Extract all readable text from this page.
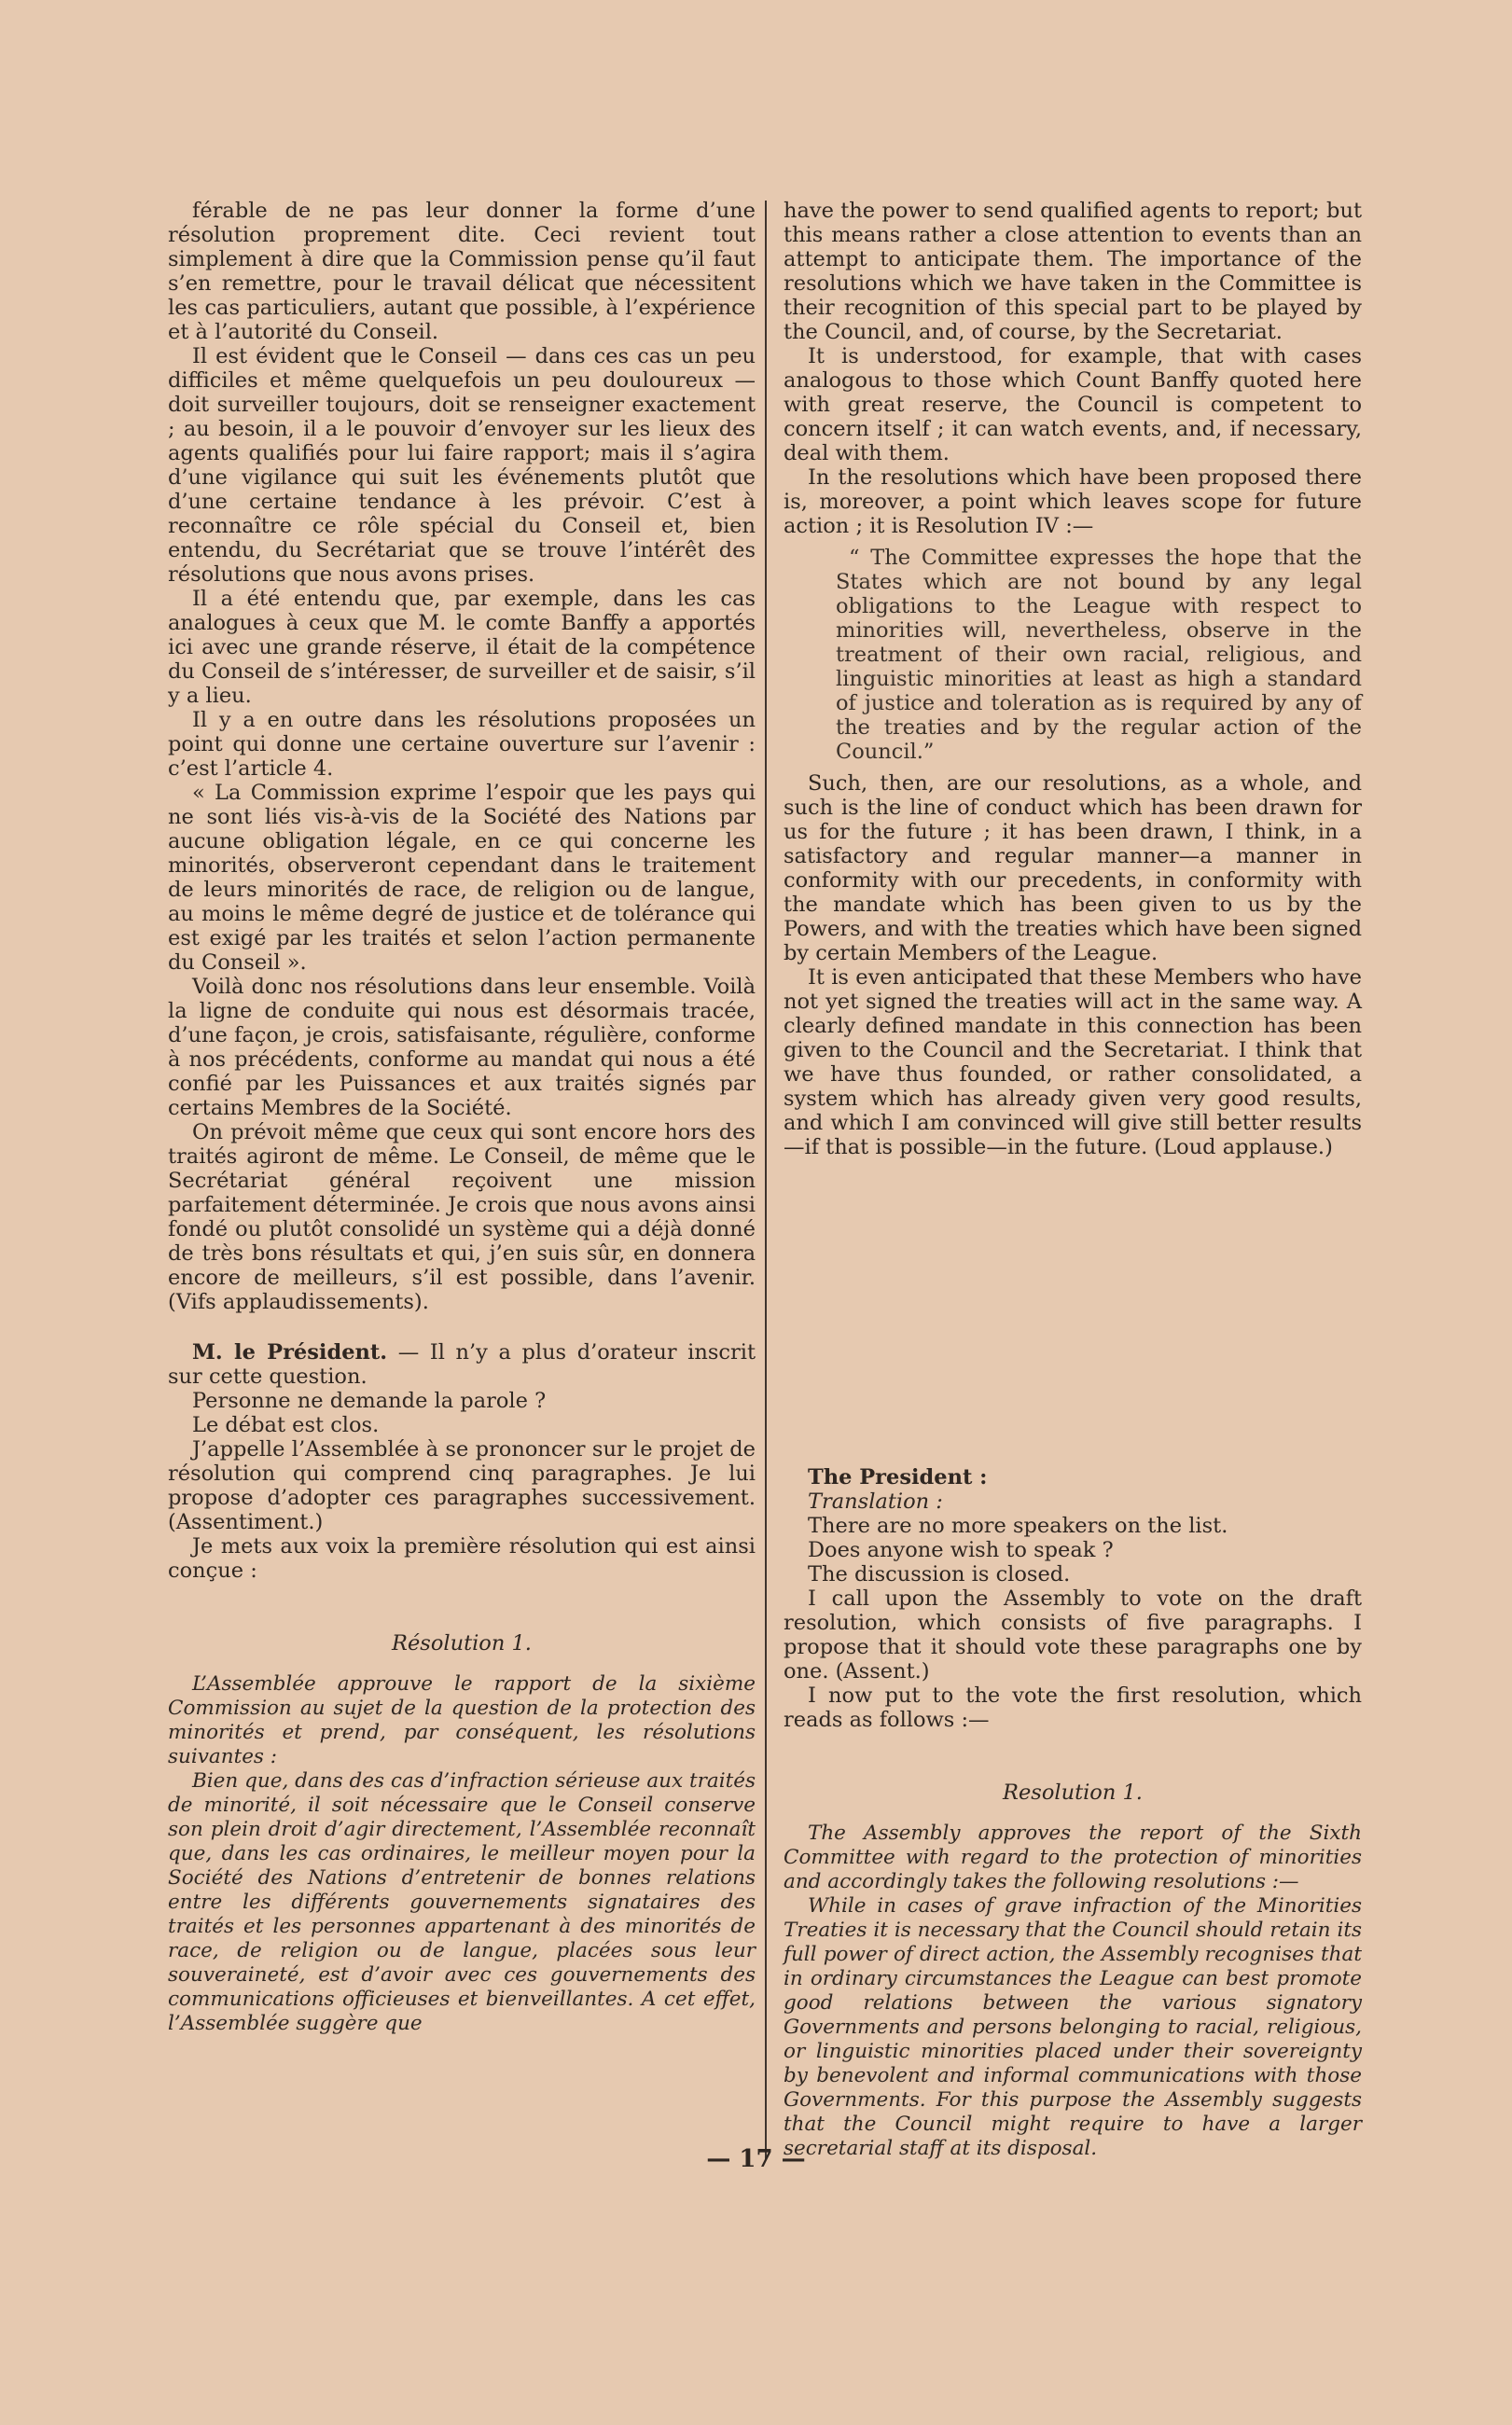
férable de ne pas leur donner la forme d’une résolution proprement dite. Ceci revient tout simplement à dire que la Commission pense qu’il faut s’en remettre, pour le travail délicat que nécessitent les cas particuliers, autant que possible, à l’expérience et à l’autorité du Conseil.

Il est évident que le Conseil — dans ces cas un peu difficiles et même quelquefois un peu douloureux — doit surveiller toujours, doit se renseigner exactement ; au besoin, il a le pouvoir d’envoyer sur les lieux des agents qualifiés pour lui faire rapport; mais il s’agira d’une vigilance qui suit les événements plutôt que d’une certaine tendance à les prévoir. C’est à reconnaître ce rôle spécial du Conseil et, bien entendu, du Secrétariat que se trouve l’intérêt des résolutions que nous avons prises.

Il a été entendu que, par exemple, dans les cas analogues à ceux que M. le comte Banffy a apportés ici avec une grande réserve, il était de la compétence du Conseil de s’intéresser, de surveiller et de saisir, s’il y a lieu.

Il y a en outre dans les résolutions proposées un point qui donne une certaine ouverture sur l’avenir : c’est l’article 4.

« La Commission exprime l’espoir que les pays qui ne sont liés vis-à-vis de la Société des Nations par aucune obligation légale, en ce qui concerne les minorités, observeront cependant dans le traitement de leurs minorités de race, de religion ou de langue, au moins le même degré de justice et de tolérance qui est exigé par les traités et selon l’action permanente du Conseil ».

Voilà donc nos résolutions dans leur ensemble. Voilà la ligne de conduite qui nous est désormais tracée, d’une façon, je crois, satisfaisante, régulière, conforme à nos précédents, conforme au mandat qui nous a été confié par les Puissances et aux traités signés par certains Membres de la Société.

On prévoit même que ceux qui sont encore hors des traités agiront de même. Le Conseil, de même que le Secrétariat général reçoivent une mission parfaitement déterminée. Je crois que nous avons ainsi fondé ou plutôt consolidé un système qui a déjà donné de très bons résultats et qui, j’en suis sûr, en donnera encore de meilleurs, s’il est possible, dans l’avenir. (Vifs applaudissements).

M. le Président. — Il n’y a plus d’orateur inscrit sur cette question.

Personne ne demande la parole ?

Le débat est clos.

J’appelle l’Assemblée à se prononcer sur le projet de résolution qui comprend cinq paragraphes. Je lui propose d’adopter ces paragraphes successivement. (Assentiment.)

Je mets aux voix la première résolution qui est ainsi conçue :

Résolution 1.

L’Assemblée approuve le rapport de la sixième Commission au sujet de la question de la protection des minorités et prend, par conséquent, les résolutions suivantes :

Bien que, dans des cas d’infraction sérieuse aux traités de minorité, il soit nécessaire que le Conseil conserve son plein droit d’agir directement, l’Assemblée reconnaît que, dans les cas ordinaires, le meilleur moyen pour la Société des Nations d’entretenir de bonnes relations entre les différents gouvernements signataires des traités et les personnes appartenant à des minorités de race, de religion ou de langue, placées sous leur souveraineté, est d’avoir avec ces gouvernements des communications officieuses et bienveillantes. A cet effet, l’Assemblée suggère que

have the power to send qualified agents to report; but this means rather a close attention to events than an attempt to anticipate them. The importance of the resolutions which we have taken in the Committee is their recognition of this special part to be played by the Council, and, of course, by the Secretariat.

It is understood, for example, that with cases analogous to those which Count Banffy quoted here with great reserve, the Council is competent to concern itself ; it can watch events, and, if necessary, deal with them.

In the resolutions which have been proposed there is, moreover, a point which leaves scope for future action ; it is Resolution IV :—

“ The Committee expresses the hope that the States which are not bound by any legal obligations to the League with respect to minorities will, nevertheless, observe in the treatment of their own racial, religious, and linguistic minorities at least as high a standard of justice and toleration as is required by any of the treaties and by the regular action of the Council.”

Such, then, are our resolutions, as a whole, and such is the line of conduct which has been drawn for us for the future ; it has been drawn, I think, in a satisfactory and regular manner—a manner in conformity with our precedents, in conformity with the mandate which has been given to us by the Powers, and with the treaties which have been signed by certain Members of the League.

It is even anticipated that these Members who have not yet signed the treaties will act in the same way. A clearly defined mandate in this connection has been given to the Council and the Secretariat. I think that we have thus founded, or rather consolidated, a system which has already given very good results, and which I am convinced will give still better results—if that is possible—in the future. (Loud applause.)

The President :

Translation :

There are no more speakers on the list.

Does anyone wish to speak ?

The discussion is closed.

I call upon the Assembly to vote on the draft resolution, which consists of five paragraphs. I propose that it should vote these paragraphs one by one. (Assent.)

I now put to the vote the first resolution, which reads as follows :—

Resolution 1.

The Assembly approves the report of the Sixth Committee with regard to the protection of minorities and accordingly takes the following resolutions :—

While in cases of grave infraction of the Minorities Treaties it is necessary that the Council should retain its full power of direct action, the Assembly recognises that in ordinary circumstances the League can best promote good relations between the various signatory Governments and persons belonging to racial, religious, or linguistic minorities placed under their sovereignty by benevolent and informal communications with those Governments. For this purpose the Assembly suggests that the Council might require to have a larger secretarial staff at its disposal.

— 17 —
